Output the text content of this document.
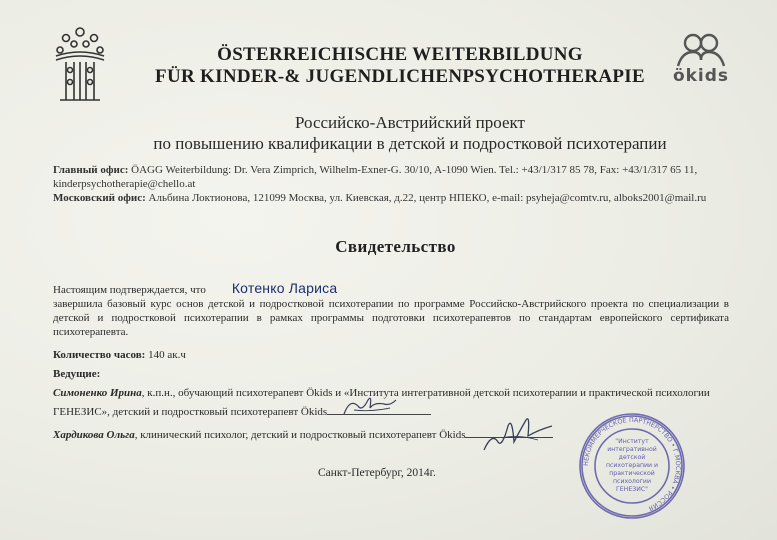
ökids
ÖSTERREICHISCHE WEITERBILDUNG
FÜR KINDER-& JUGENDLICHENPSYCHOTHERAPIE
Российско-Австрийский проект
по повышению квалификации в детской и подростковой психотерапии
Главный офис: ÖAGG Weiterbildung: Dr. Vera Zimprich, Wilhelm-Exner-G. 30/10, A-1090 Wien. Tel.: +43/1/317 85 78, Fax: +43/1/317 65 11,
kinderpsychotherapie@chello.at
Московский офис: Альбина Локтионова, 121099 Москва, ул. Киевская, д.22, центр НПЕКО, e-mail: psyheja@comtv.ru, alboks2001@mail.ru
Свидетельство
Настоящим подтверждается, что Котенко Лариса
завершила базовый курс основ детской и подростковой психотерапии по программе Российско-Австрийского проекта по специализации в
детской и подростковой психотерапии в рамках программы подготовки психотерапевтов по стандартам европейского сертификата
психотерапевта.
Количество часов: 140 ак.ч
Ведущие:
Симоненко Ирина, к.п.н., обучающий психотерапевт Ökids и «Института интегративной детской психотерапии и практической психологии
ГЕНЕЗИС», детский и подростковый психотерапевт Ökids
Хардикова Ольга, клинический психолог, детский и подростковый психотерапевт Ökids
Санкт-Петербург, 2014г.
НЕКОММЕРЧЕСКОЕ ПАРТНЕРСТВО • Г.МОСКВА • РОССИЯ
"Институт
интегративной
детской
психотерапии и
практической
психологии
ГЕНЕЗИС"
